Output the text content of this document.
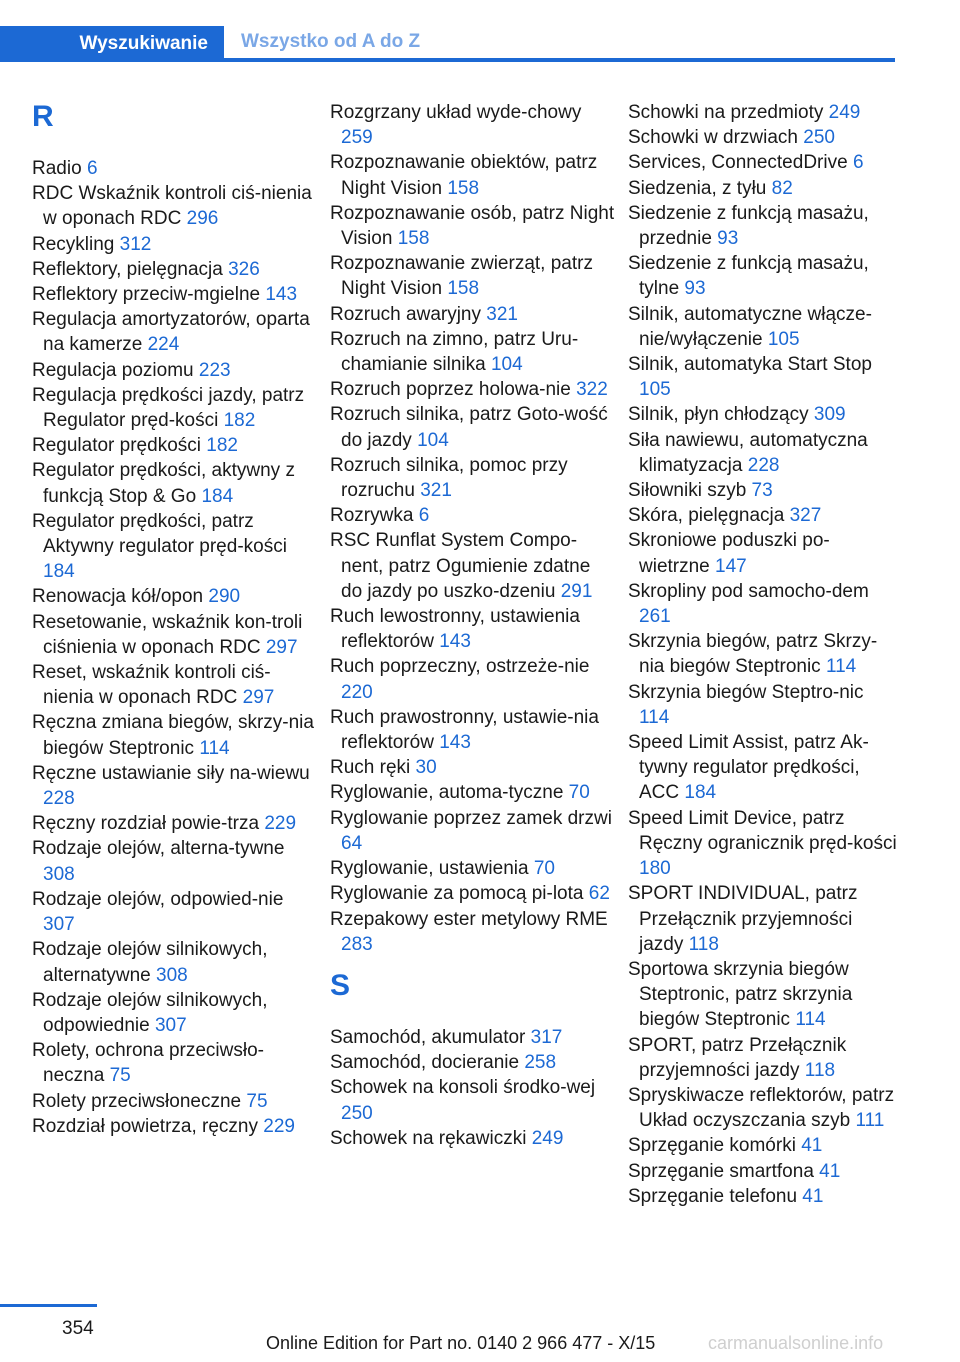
Wyszukiwanie	Wszystko od A do Z
R
Radio 6
RDC Wskaźnik kontroli ciś-nienia w oponach RDC 296
Recykling 312
Reflektory, pielęgnacja 326
Reflektory przeciw-mgielne 143
Regulacja amortyzatorów, oparta na kamerze 224
Regulacja poziomu 223
Regulacja prędkości jazdy, patrz Regulator pręd-kości 182
Regulator prędkości 182
Regulator prędkości, aktywny z funkcją Stop & Go 184
Regulator prędkości, patrz Aktywny regulator pręd-kości 184
Renowacja kół/opon 290
Resetowanie, wskaźnik kon-troli ciśnienia w oponach RDC 297
Reset, wskaźnik kontroli ciś-nienia w oponach RDC 297
Ręczna zmiana biegów, skrzy-nia biegów Steptronic 114
Ręczne ustawianie siły na-wiewu 228
Ręczny rozdział powie-trza 229
Rodzaje olejów, alterna-tywne 308
Rodzaje olejów, odpowied-nie 307
Rodzaje olejów silnikowych, alternatywne 308
Rodzaje olejów silnikowych, odpowiednie 307
Rolety, ochrona przeciwsło-neczna 75
Rolety przeciwsłoneczne 75
Rozdział powietrza, ręczny 229
Rozgrzany układ wyde-chowy 259
Rozpoznawanie obiektów, patrz Night Vision 158
Rozpoznawanie osób, patrz Night Vision 158
Rozpoznawanie zwierząt, patrz Night Vision 158
Rozruch awaryjny 321
Rozruch na zimno, patrz Uru-chamianie silnika 104
Rozruch poprzez holowa-nie 322
Rozruch silnika, patrz Goto-wość do jazdy 104
Rozruch silnika, pomoc przy rozruchu 321
Rozrywka 6
RSC Runflat System Compo-nent, patrz Ogumienie zdatne do jazdy po uszko-dzeniu 291
Ruch lewostronny, ustawienia reflektorów 143
Ruch poprzeczny, ostrzeże-nie 220
Ruch prawostronny, ustawie-nia reflektorów 143
Ruch ręki 30
Ryglowanie, automa-tyczne 70
Ryglowanie poprzez zamek drzwi 64
Ryglowanie, ustawienia 70
Ryglowanie za pomocą pi-lota 62
Rzepakowy ester metylowy RME 283
S
Samochód, akumulator 317
Samochód, docieranie 258
Schowek na konsoli środko-wej 250
Schowek na rękawiczki 249
Schowki na przedmioty 249
Schowki w drzwiach 250
Services, ConnectedDrive 6
Siedzenia, z tyłu 82
Siedzenie z funkcją masażu, przednie 93
Siedzenie z funkcją masażu, tylne 93
Silnik, automatyczne włącze-nie/wyłączenie 105
Silnik, automatyka Start Stop 105
Silnik, płyn chłodzący 309
Siła nawiewu, automatyczna klimatyzacja 228
Siłowniki szyb 73
Skóra, pielęgnacja 327
Skroniowe poduszki po-wietrzne 147
Skropliny pod samocho-dem 261
Skrzynia biegów, patrz Skrzy-nia biegów Steptronic 114
Skrzynia biegów Steptro-nic 114
Speed Limit Assist, patrz Ak-tywny regulator prędkości, ACC 184
Speed Limit Device, patrz Ręczny ogranicznik pręd-kości 180
SPORT INDIVIDUAL, patrz Przełącznik przyjemności jazdy 118
Sportowa skrzynia biegów Steptronic, patrz skrzynia biegów Steptronic 114
SPORT, patrz Przełącznik przyjemności jazdy 118
Spryskiwacze reflektorów, patrz Układ oczyszczania szyb 111
Sprzęganie komórki 41
Sprzęganie smartfona 41
Sprzęganie telefonu 41
354
Online Edition for Part no. 0140 2 966 477 - X/15	carmanualsonline.info
